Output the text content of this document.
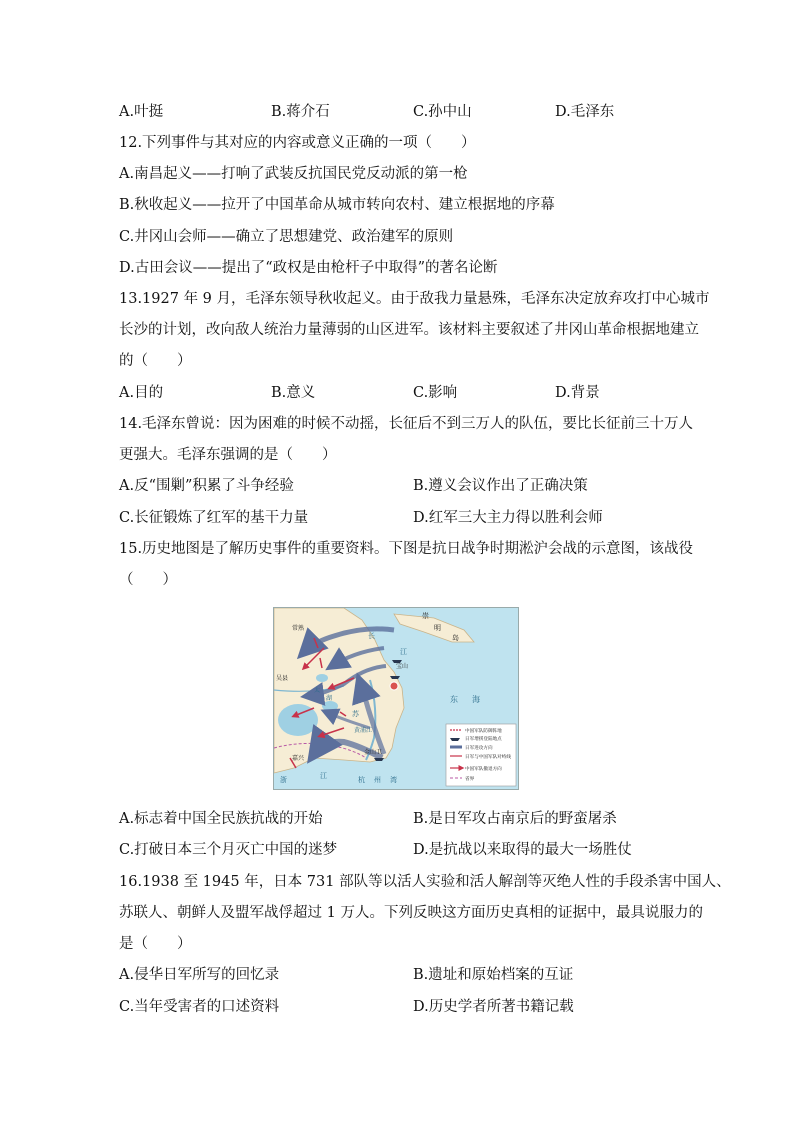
A.叶挺	B.蒋介石	C.孙中山	D.毛泽东
12.下列事件与其对应的内容或意义正确的一项（　　）
A.南昌起义——打响了武装反抗国民党反动派的第一枪
B.秋收起义——拉开了中国革命从城市转向农村、建立根据地的序幕
C.井冈山会师——确立了思想建党、政治建军的原则
D.古田会议——提出了“政权是由枪杆子中取得”的著名论断
13.1927 年 9 月，毛泽东领导秋收起义。由于敌我力量悬殊，毛泽东决定放弃攻打中心城市
长沙的计划，改向敌人统治力量薄弱的山区进军。该材料主要叙述了井冈山革命根据地建立
的（　　）
A.目的	B.意义	C.影响	D.背景
14.毛泽东曾说：因为困难的时候不动摇，长征后不到三万人的队伍，要比长征前三十万人
更强大。毛泽东强调的是（　　）
A.反“围剿”积累了斗争经验	B.遵义会议作出了正确决策
C.长征锻炼了红军的基干力量	D.红军三大主力得以胜利会师
15.历史地图是了解历史事件的重要资料。下图是抗日战争时期淞沪会战的示意图，该战役
（　　）
常熟
崇
明
岛
长
江
宝山
吴县
东 海
嘉兴
金山卫
杭 州 湾
浙	江
苏
太
湖
黄浦江	中国军队防御阵地
日军增援登陆地点
日军进攻方向
日军与中国军队对峙线
中国军队撤退方向
省界
A.标志着中国全民族抗战的开始	B.是日军攻占南京后的野蛮屠杀
C.打破日本三个月灭亡中国的迷梦	D.是抗战以来取得的最大一场胜仗
16.1938 至 1945 年，日本 731 部队等以活人实验和活人解剖等灭绝人性的手段杀害中国人、
苏联人、朝鲜人及盟军战俘超过 1 万人。下列反映这方面历史真相的证据中，最具说服力的
是（　　）
A.侵华日军所写的回忆录	B.遗址和原始档案的互证
C.当年受害者的口述资料	D.历史学者所著书籍记载
